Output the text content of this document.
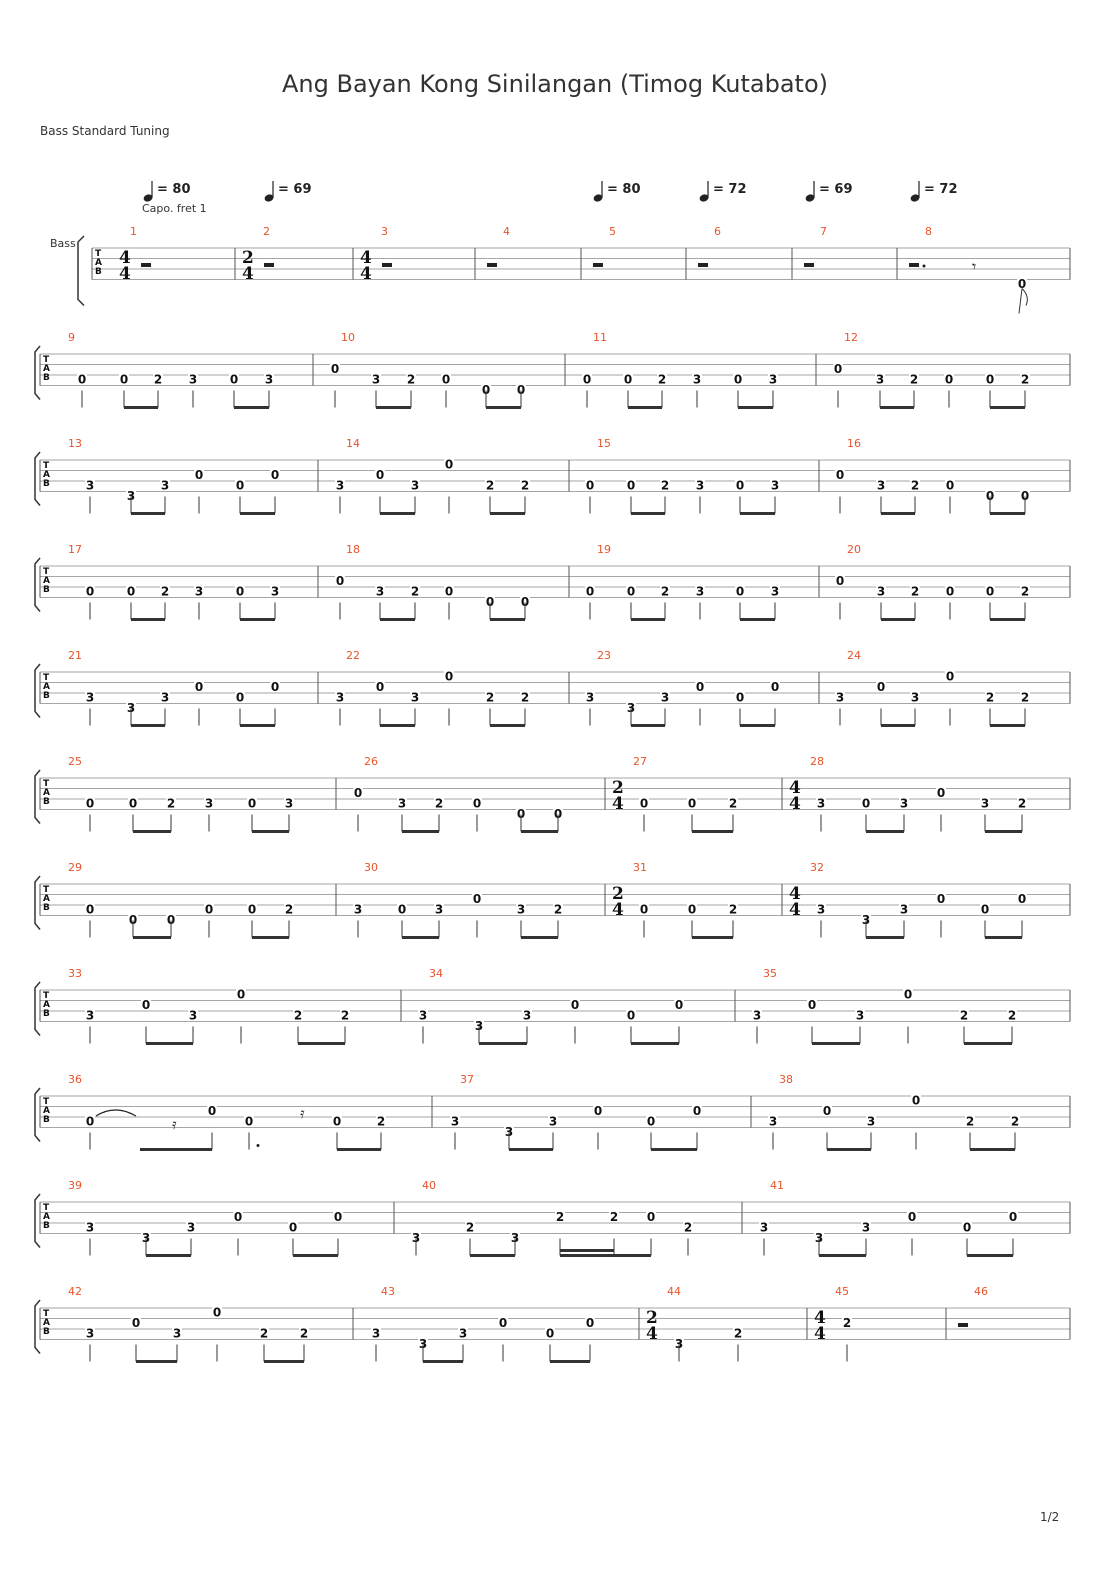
Ang Bayan Kong Sinilangan (Timog Kutabato)
Bass Standard Tuning
1/2
T
A
B
Bass
1
4
4
2
2
4
3
4
4
4	5	6	7	8
𝄾
0
T
A
B
9
0	0 2 3	0 3
10
0
3 2 0
0 0
11
0	0 2 3	0 3
12
0
3 2 0	0 2
T
A
B
13
3
3
3
0
0
0
14
3
0
3
0
2 2
15
0	0 2 3	0 3
16
0
3 2 0
0 0
T
A
B
17
0	0 2 3	0 3
18
0
3 2 0
0 0
19
0	0 2 3	0 3
20
0
3 2 0	0 2
T
A
B
21
3
3
3
0
0
0
22
3
0
3
0
2 2
23
3
3
3
0
0
0
24
3
0
3
0
2 2
T
A
B
25
0	0 2 3	0 3
26
0
3 2 0
0 0
27
2
4 0	0	2
28
4
4 3	0 3
0
3 2
T
A
B
29
0
0 0
0	0 2
30
3	0 3
0
3 2
31
2
4 0	0	2
32
4
4 3
3
3
0
0
0
T
A
B
33
3
0
3
0
2	2
34
3
3
3
0
0
0
35
3
0
3
0
2	2
T
A
B
36
0
0
0	0	2
𝄿
𝄿
37
3
3
3
0
0
0
38
3
0
3
0
2	2
T
A
B
39
3
3
3
0
0
0
40
3
2
3
2	2 0
2
41
3
3
3
0
0
0
T
A
B
42
3
0
3
0
2	2
43
3
3
3
0
0
0
44
2
4 3
2
45
4
4
2
46
= 80	= 69	= 80	= 72	= 69	= 72
Capo. fret 1
